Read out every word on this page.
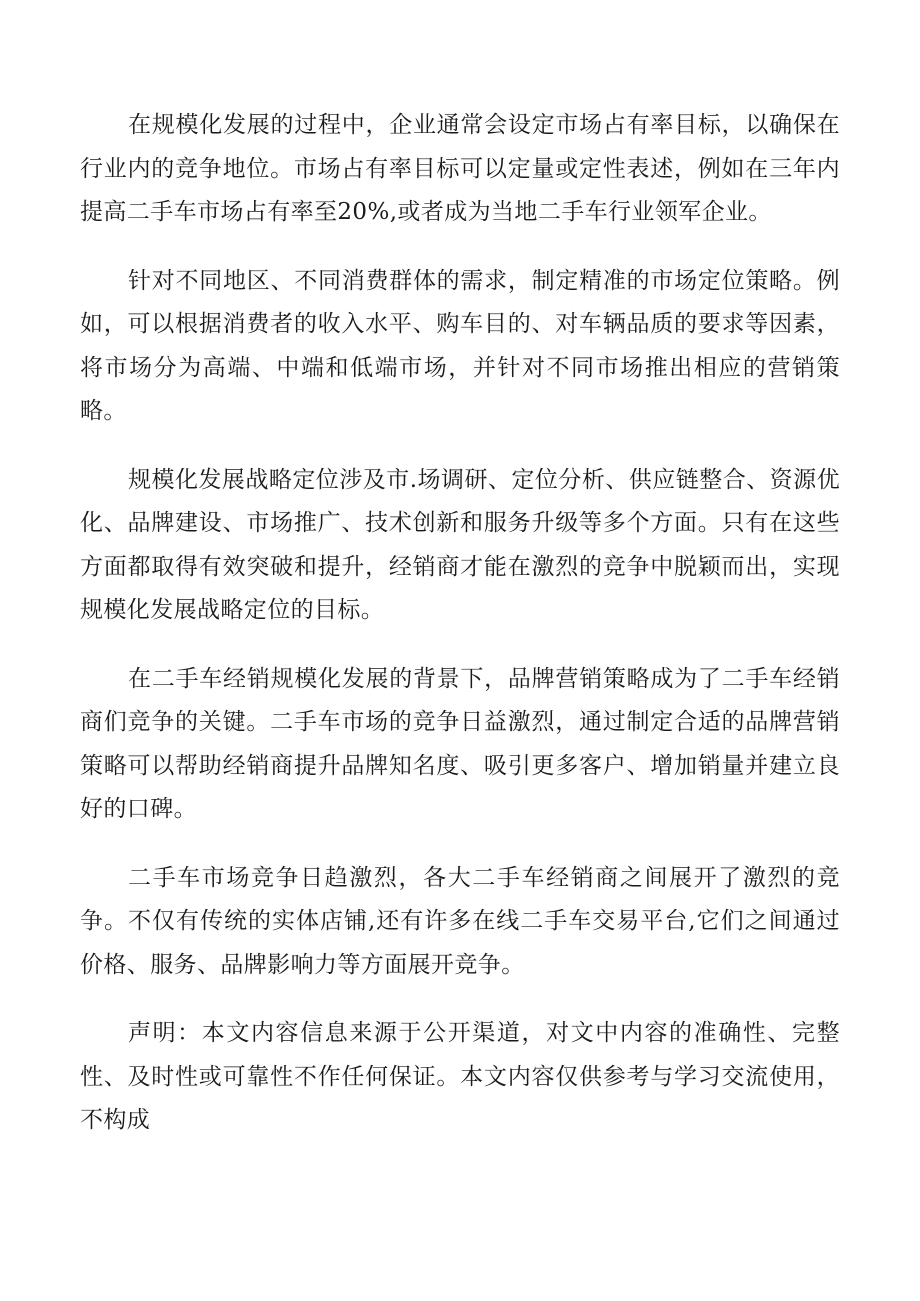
在规模化发展的过程中，企业通常会设定市场占有率目标，以确保在行业内的竞争地位。市场占有率目标可以定量或定性表述，例如在三年内提高二手车市场占有率至20%,或者成为当地二手车行业领军企业。

针对不同地区、不同消费群体的需求，制定精准的市场定位策略。例如，可以根据消费者的收入水平、购车目的、对车辆品质的要求等因素，将市场分为高端、中端和低端市场，并针对不同市场推出相应的营销策略。

规模化发展战略定位涉及市.场调研、定位分析、供应链整合、资源优化、品牌建设、市场推广、技术创新和服务升级等多个方面。只有在这些方面都取得有效突破和提升，经销商才能在激烈的竞争中脱颖而出，实现规模化发展战略定位的目标。

在二手车经销规模化发展的背景下，品牌营销策略成为了二手车经销商们竞争的关键。二手车市场的竞争日益激烈，通过制定合适的品牌营销策略可以帮助经销商提升品牌知名度、吸引更多客户、增加销量并建立良好的口碑。

二手车市场竞争日趋激烈，各大二手车经销商之间展开了激烈的竞争。不仅有传统的实体店铺,还有许多在线二手车交易平台,它们之间通过价格、服务、品牌影响力等方面展开竞争。

声明：本文内容信息来源于公开渠道，对文中内容的准确性、完整性、及时性或可靠性不作任何保证。本文内容仅供参考与学习交流使用，不构成
